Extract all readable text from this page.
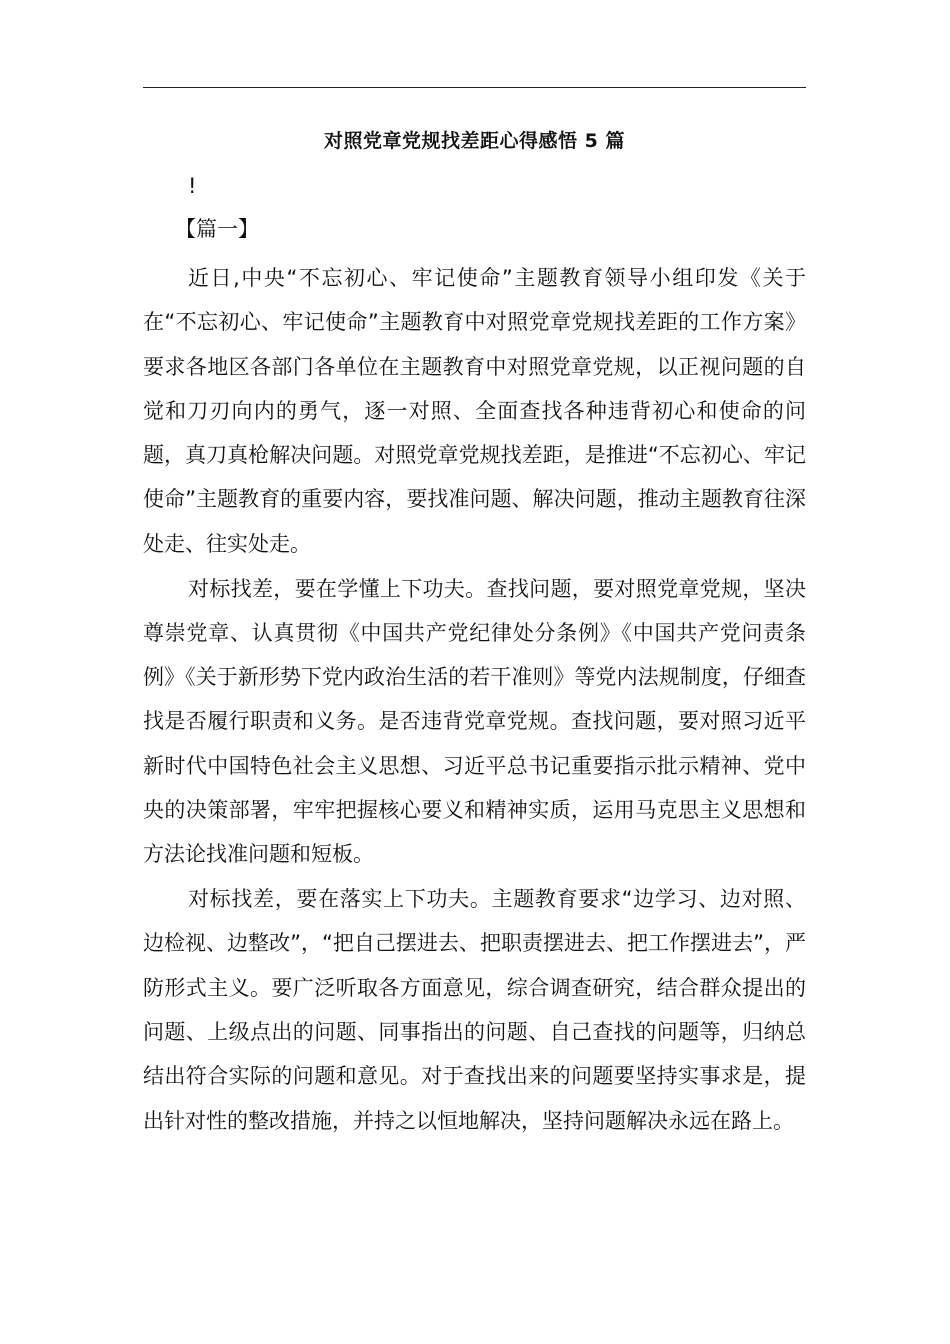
对照党章党规找差距心得感悟 5 篇
!
【篇一】

近日,中央“不忘初心、牢记使命”主题教育领导小组印发《关于在“不忘初心、牢记使命”主题教育中对照党章党规找差距的工作方案》要求各地区各部门各单位在主题教育中对照党章党规，以正视问题的自觉和刀刃向内的勇气，逐一对照、全面查找各种违背初心和使命的问题，真刀真枪解决问题。对照党章党规找差距，是推进“不忘初心、牢记使命”主题教育的重要内容，要找准问题、解决问题，推动主题教育往深处走、往实处走。

对标找差，要在学懂上下功夫。查找问题，要对照党章党规，坚决尊崇党章、认真贯彻《中国共产党纪律处分条例》《中国共产党问责条例》《关于新形势下党内政治生活的若干准则》等党内法规制度，仔细查找是否履行职责和义务。是否违背党章党规。查找问题，要对照习近平新时代中国特色社会主义思想、习近平总书记重要指示批示精神、党中央的决策部署，牢牢把握核心要义和精神实质，运用马克思主义思想和方法论找准问题和短板。

对标找差，要在落实上下功夫。主题教育要求“边学习、边对照、边检视、边整改”，“把自己摆进去、把职责摆进去、把工作摆进去”，严防形式主义。要广泛听取各方面意见，综合调查研究，结合群众提出的问题、上级点出的问题、同事指出的问题、自己查找的问题等，归纳总结出符合实际的问题和意见。对于查找出来的问题要坚持实事求是，提出针对性的整改措施，并持之以恒地解决，坚持问题解决永远在路上。
